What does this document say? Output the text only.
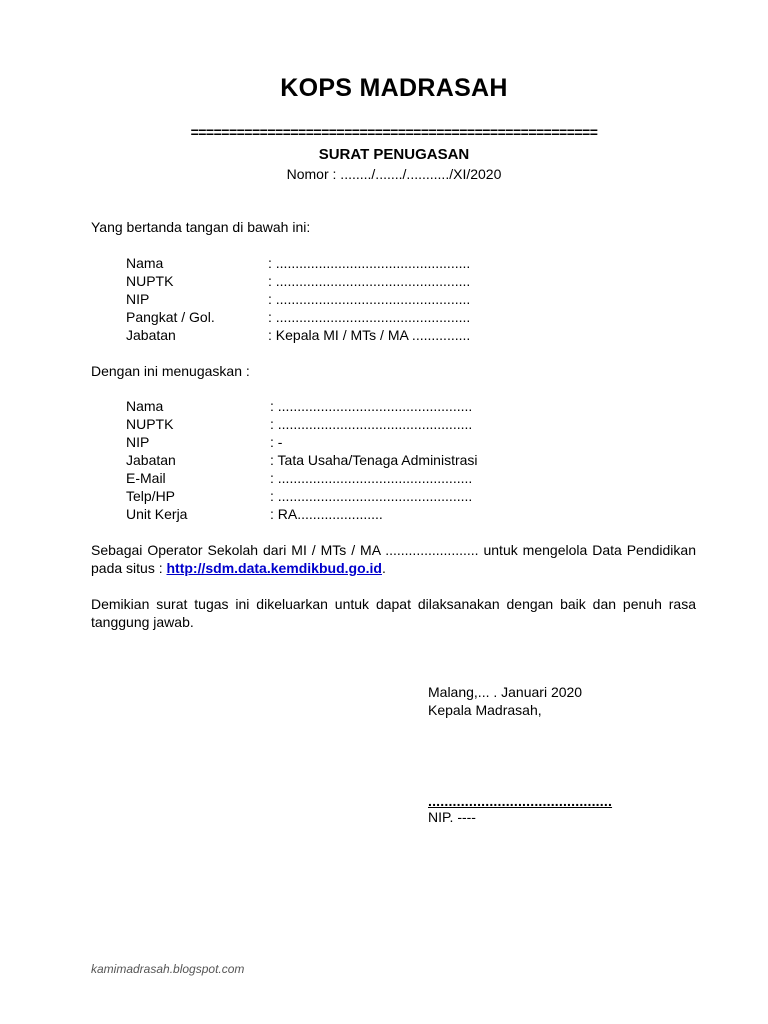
KOPS MADRASAH
=====================================================
SURAT PENUGASAN
Nomor : ......../......./.........../XI/2020
Yang bertanda tangan di bawah ini:
Nama	: ..................................................
NUPTK	: ..................................................
NIP	: ..................................................
Pangkat / Gol.	: ..................................................
Jabatan	: Kepala MI / MTs / MA ...............
Dengan ini menugaskan :
Nama	: ..................................................
NUPTK	: ..................................................
NIP	: -
Jabatan	: Tata Usaha/Tenaga Administrasi
E-Mail	: ..................................................
Telp/HP	: ..................................................
Unit Kerja	: RA......................
Sebagai Operator Sekolah dari MI / MTs / MA ........................ untuk mengelola Data Pendidikan pada situs : http://sdm.data.kemdikbud.go.id.
Demikian surat tugas ini dikeluarkan untuk dapat dilaksanakan dengan baik dan penuh rasa tanggung jawab.
Malang,... . Januari 2020
Kepala Madrasah,
.............................................
NIP. ----
kamimadrasah.blogspot.com
